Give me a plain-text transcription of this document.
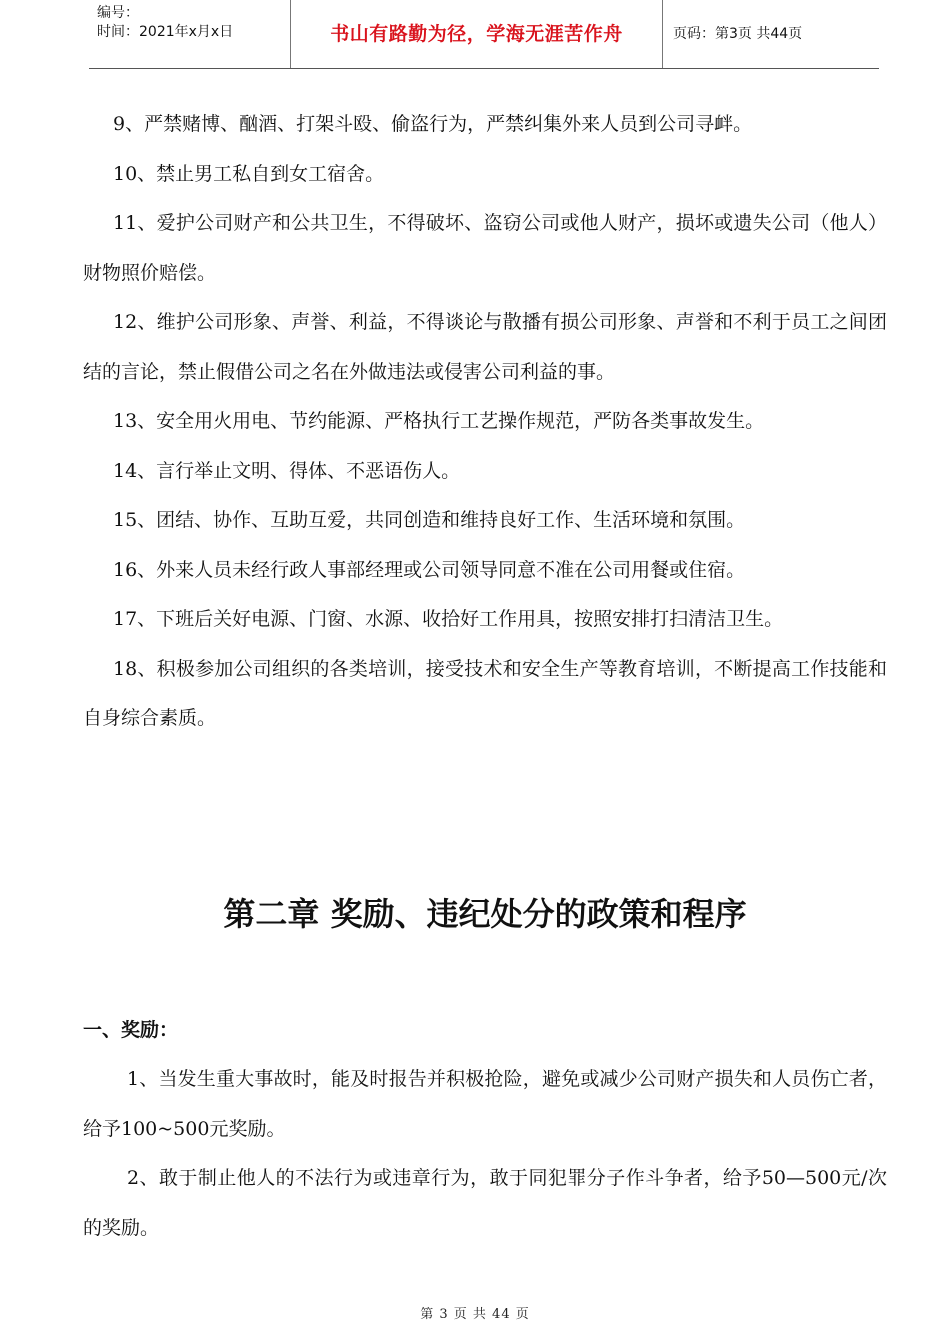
编号：
时间：2021年x月x日	书山有路勤为径，学海无涯苦作舟	页码：第3页 共44页

9、严禁赌博、酗酒、打架斗殴、偷盗行为，严禁纠集外来人员到公司寻衅。

10、禁止男工私自到女工宿舍。

11、爱护公司财产和公共卫生，不得破坏、盗窃公司或他人财产，损坏或遗失公司（他人）财物照价赔偿。

12、维护公司形象、声誉、利益，不得谈论与散播有损公司形象、声誉和不利于员工之间团结的言论，禁止假借公司之名在外做违法或侵害公司利益的事。

13、安全用火用电、节约能源、严格执行工艺操作规范，严防各类事故发生。

14、言行举止文明、得体、不恶语伤人。

15、团结、协作、互助互爱，共同创造和维持良好工作、生活环境和氛围。

16、外来人员未经行政人事部经理或公司领导同意不准在公司用餐或住宿。

17、下班后关好电源、门窗、水源、收拾好工作用具，按照安排打扫清洁卫生。

18、积极参加公司组织的各类培训，接受技术和安全生产等教育培训，不断提高工作技能和自身综合素质。

第二章 奖励、违纪处分的政策和程序
一、奖励：

1、当发生重大事故时，能及时报告并积极抢险，避免或减少公司财产损失和人员伤亡者，给予100~500元奖励。

2、敢于制止他人的不法行为或违章行为，敢于同犯罪分子作斗争者，给予50—500元/次的奖励。

第 3 页 共 44 页
